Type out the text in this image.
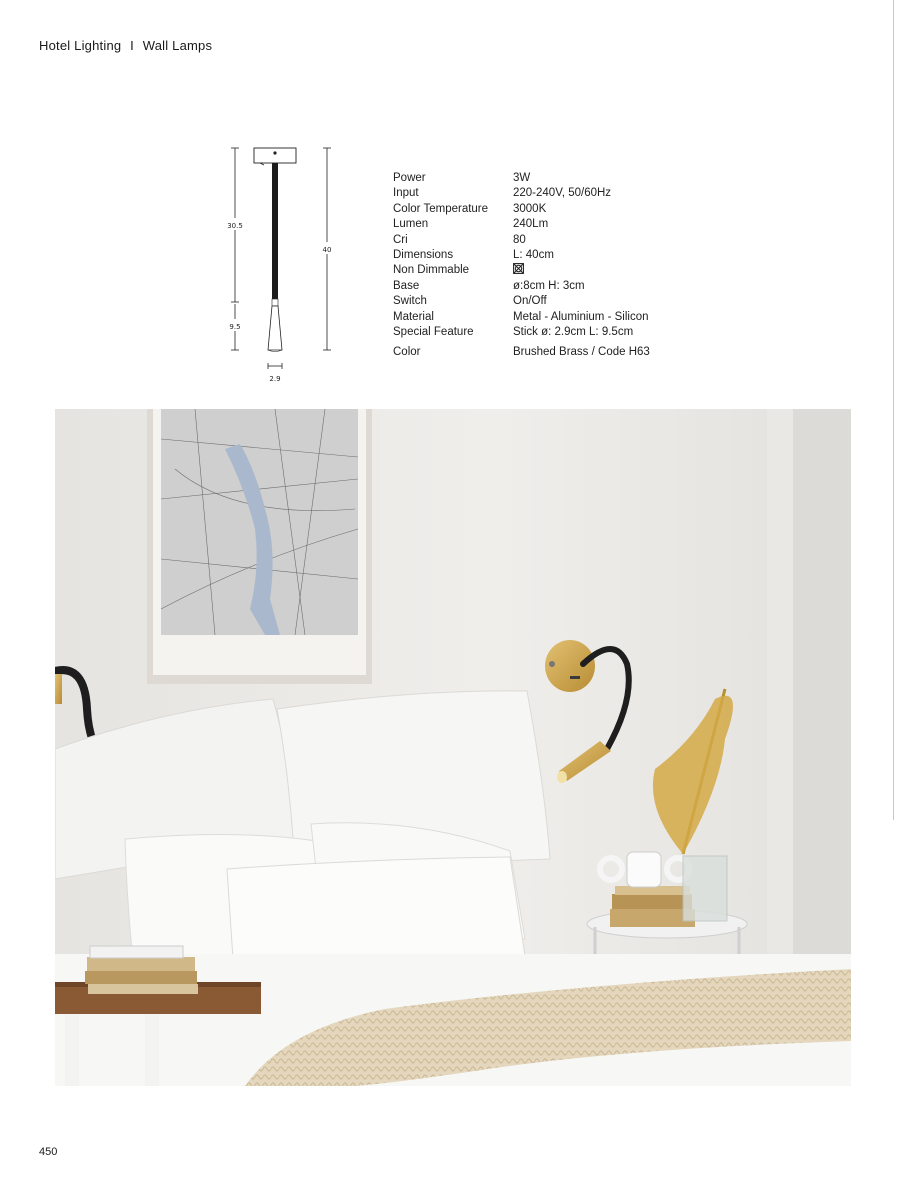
Hotel Lighting I Wall Lamps
30.5
9.5
40
2.9
Power	3W
Input	220-240V, 50/60Hz
Color Temperature 3000K
Lumen	240Lm
Cri	80
Dimensions	L: 40cm
Non Dimmable
Base	ø:8cm H: 3cm
Switch	On/Off
Material	Metal - Aluminium - Silicon
Special Feature	Stick ø: 2.9cm L: 9.5cm
Color	Brushed Brass / Code H63
450
